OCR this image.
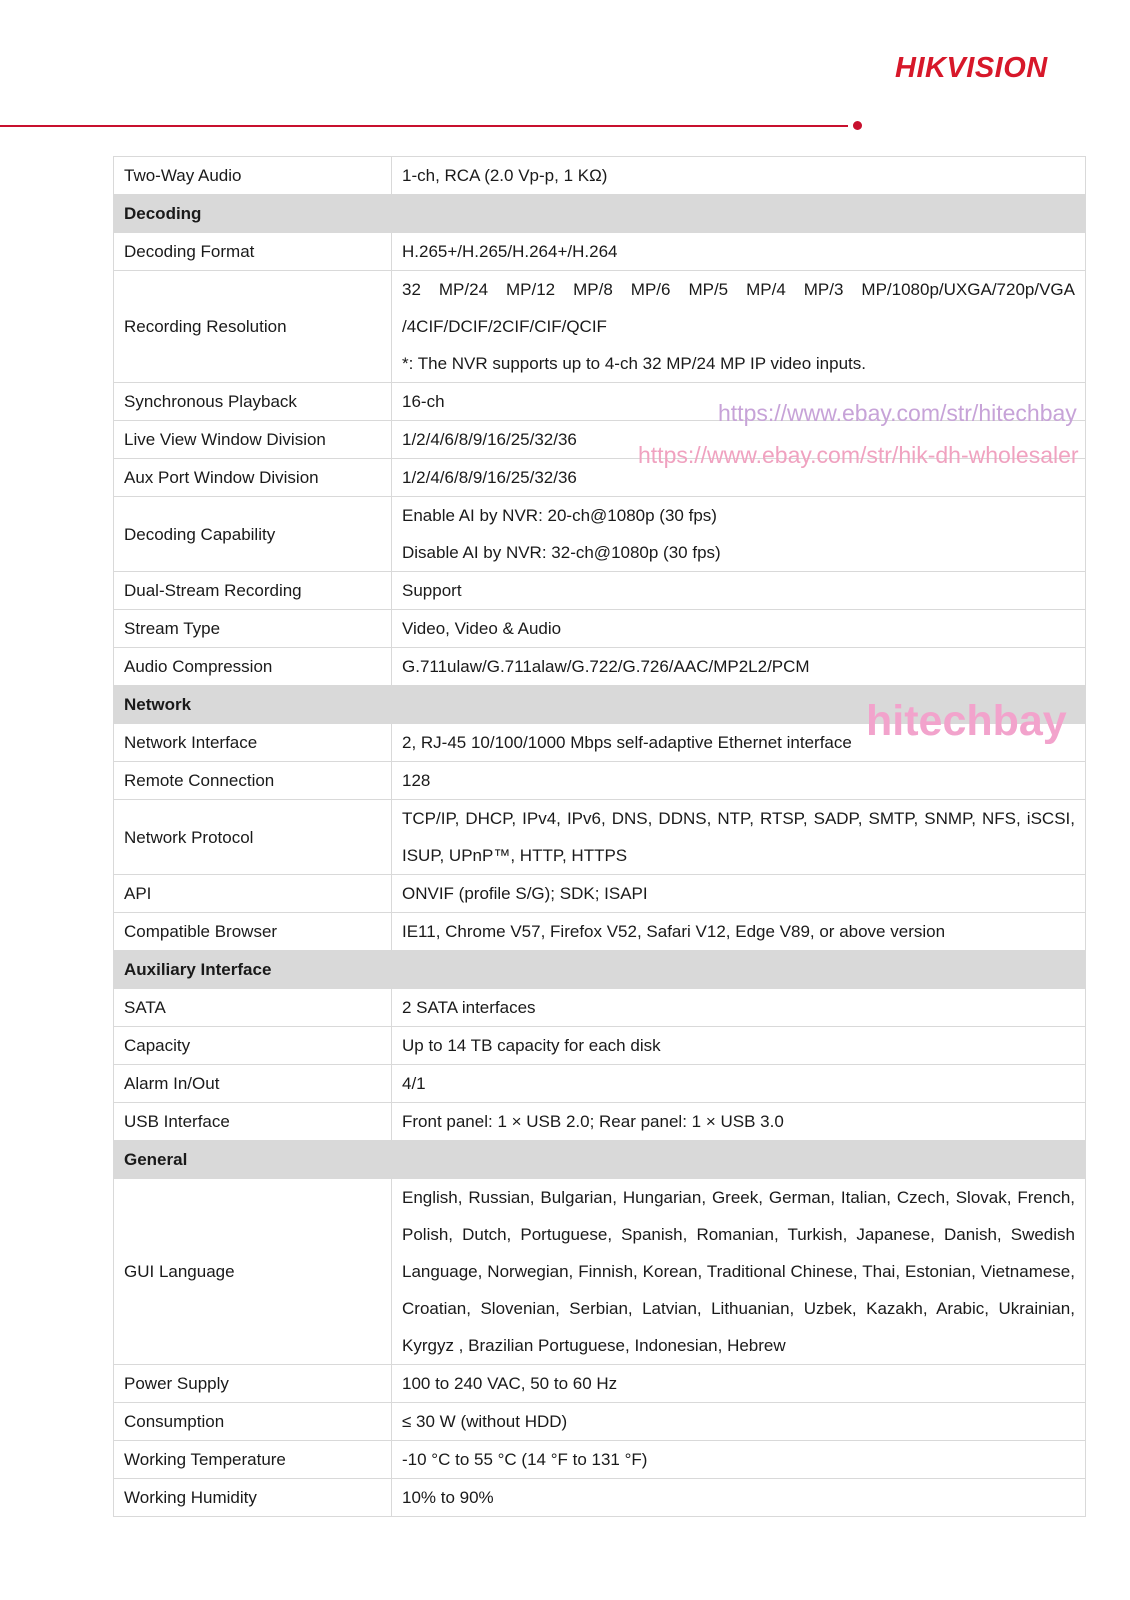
HIKVISION
Two-Way Audio	1-ch, RCA (2.0 Vp-p, 1 KΩ)

Decoding	
Decoding Format	H.265+/H.265/H.264+/H.264

Recording Resolution	32 MP/24 MP/12 MP/8 MP/6 MP/5 MP/4 MP/3 MP/1080p/UXGA/720p/VGA /4CIF/DCIF/2CIF/CIF/QCIF
*: The NVR supports up to 4-ch 32 MP/24 MP IP video inputs.

Synchronous Playback	16-ch

Live View Window Division	1/2/4/6/8/9/16/25/32/36

Aux Port Window Division	1/2/4/6/8/9/16/25/32/36

Decoding Capability	Enable AI by NVR: 20-ch@1080p (30 fps)
Disable AI by NVR: 32-ch@1080p (30 fps)

Dual-Stream Recording	Support

Stream Type	Video, Video & Audio

Audio Compression	G.711ulaw/G.711alaw/G.722/G.726/AAC/MP2L2/PCM

Network	
Network Interface	2, RJ-45 10/100/1000 Mbps self-adaptive Ethernet interface

Remote Connection	128

Network Protocol	TCP/IP, DHCP, IPv4, IPv6, DNS, DDNS, NTP, RTSP, SADP, SMTP, SNMP, NFS, iSCSI, ISUP, UPnP™, HTTP, HTTPS

API	ONVIF (profile S/G); SDK; ISAPI

Compatible Browser	IE11, Chrome V57, Firefox V52, Safari V12, Edge V89, or above version

Auxiliary Interface	
SATA	2 SATA interfaces

Capacity	Up to 14 TB capacity for each disk

Alarm In/Out	4/1

USB Interface	Front panel: 1 × USB 2.0; Rear panel: 1 × USB 3.0

General	
GUI Language	English, Russian, Bulgarian, Hungarian, Greek, German, Italian, Czech, Slovak, French, Polish, Dutch, Portuguese, Spanish, Romanian, Turkish, Japanese, Danish, Swedish Language, Norwegian, Finnish, Korean, Traditional Chinese, Thai, Estonian, Vietnamese, Croatian, Slovenian, Serbian, Latvian, Lithuanian, Uzbek, Kazakh, Arabic, Ukrainian, Kyrgyz , Brazilian Portuguese, Indonesian, Hebrew

Power Supply	100 to 240 VAC, 50 to 60 Hz

Consumption	≤ 30 W (without HDD)

Working Temperature	-10 °C to 55 °C (14 °F to 131 °F)

Working Humidity	10% to 90%
https://www.ebay.com/str/hitechbay
https://www.ebay.com/str/hik-dh-wholesaler
hitechbay
